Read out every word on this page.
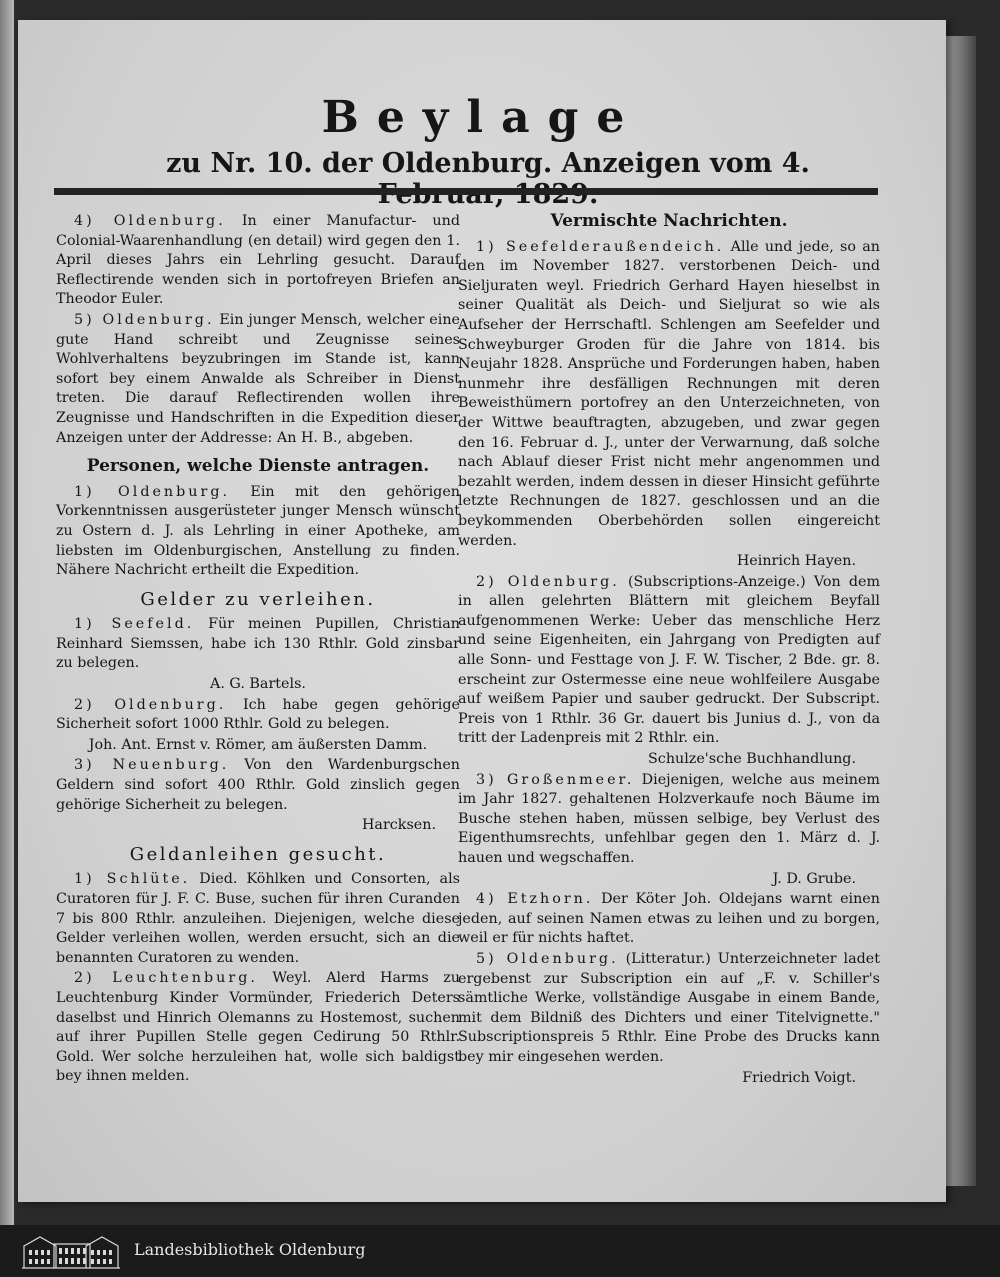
Beylage
zu Nr. 10. der Oldenburg. Anzeigen vom 4.

4) Oldenburg. In einer Manufactur- und Colonial-Waarenhandlung (en detail) wird gegen den 1. April dieses Jahrs ein Lehrling gesucht. Darauf Reflectirende wenden sich in portofreyen Briefen an Theodor Euler.

5) Oldenburg. Ein junger Mensch, welcher eine gute Hand schreibt und Zeugnisse seines Wohlverhaltens beyzubringen im Stande ist, kann sofort bey einem Anwalde als Schreiber in Dienst treten. Die darauf Reflectirenden wollen ihre Zeugnisse und Handschriften in die Expedition dieser Anzeigen unter der Addresse: An H. B., abgeben.

Personen, welche Dienste antragen.

1) Oldenburg. Ein mit den gehörigen Vorkenntnissen ausgerüsteter junger Mensch wünscht zu Ostern d. J. als Lehrling in einer Apotheke, am liebsten im Oldenburgischen, Anstellung zu finden. Nähere Nachricht ertheilt die Expedition.

Gelder zu verleihen.

1) Seefeld. Für meinen Pupillen, Christian Reinhard Siemssen, habe ich 130 Rthlr. Gold zinsbar zu belegen.

A. G. Bartels.

2) Oldenburg. Ich habe gegen gehörige Sicherheit sofort 1000 Rthlr. Gold zu belegen.

Joh. Ant. Ernst v. Römer, am äußersten Damm.

3) Neuenburg. Von den Wardenburgschen Geldern sind sofort 400 Rthlr. Gold zinslich gegen gehörige Sicherheit zu belegen.

Harcksen.

Geldanleihen gesucht.

1) Schlüte. Died. Köhlken und Consorten, als Curatoren für J. F. C. Buse, suchen für ihren Curanden 7 bis 800 Rthlr. anzuleihen. Diejenigen, welche diese Gelder verleihen wollen, werden ersucht, sich an die benannten Curatoren zu wenden.

2) Leuchtenburg. Weyl. Alerd Harms zu Leuchtenburg Kinder Vormünder, Friederich Deters daselbst und Hinrich Olemanns zu Hostemost, suchen auf ihrer Pupillen Stelle gegen Cedirung 50 Rthlr. Gold. Wer solche herzuleihen hat, wolle sich baldigst bey ihnen melden.

Vermischte Nachrichten.

1) Seefelderaußendeich. Alle und jede, so an den im November 1827. verstorbenen Deich- und Sieljuraten weyl. Friedrich Gerhard Hayen hieselbst in seiner Qualität als Deich- und Sieljurat so wie als Aufseher der Herrschaftl. Schlengen am Seefelder und Schweyburger Groden für die Jahre von 1814. bis Neujahr 1828. Ansprüche und Forderungen haben, haben nunmehr ihre desfälligen Rechnungen mit deren Beweisthümern portofrey an den Unterzeichneten, von der Wittwe beauftragten, abzugeben, und zwar gegen den 16. Februar d. J., unter der Verwarnung, daß solche nach Ablauf dieser Frist nicht mehr angenommen und bezahlt werden, indem dessen in dieser Hinsicht geführte letzte Rechnungen de 1827. geschlossen und an die beykommenden Oberbehörden sollen eingereicht werden.

Heinrich Hayen.

2) Oldenburg. (Subscriptions-Anzeige.) Von dem in allen gelehrten Blättern mit gleichem Beyfall aufgenommenen Werke: Ueber das menschliche Herz und seine Eigenheiten, ein Jahrgang von Predigten auf alle Sonn- und Festtage von J. F. W. Tischer, 2 Bde. gr. 8. erscheint zur Ostermesse eine neue wohlfeilere Ausgabe auf weißem Papier und sauber gedruckt. Der Subscript. Preis von 1 Rthlr. 36 Gr. dauert bis Junius d. J., von da tritt der Ladenpreis mit 2 Rthlr. ein.

Schulze'sche Buchhandlung.

3) Großenmeer. Diejenigen, welche aus meinem im Jahr 1827. gehaltenen Holzverkaufe noch Bäume im Busche stehen haben, müssen selbige, bey Verlust des Eigenthumsrechts, unfehlbar gegen den 1. März d. J. hauen und wegschaffen.

J. D. Grube.

4) Etzhorn. Der Köter Joh. Oldejans warnt einen jeden, auf seinen Namen etwas zu leihen und zu borgen, weil er für nichts haftet.

5) Oldenburg. (Litteratur.) Unterzeichneter ladet ergebenst zur Subscription ein auf „F. v. Schiller's sämtliche Werke, vollständige Ausgabe in einem Bande, mit dem Bildniß des Dichters und einer Titelvignette." Subscriptionspreis 5 Rthlr. Eine Probe des Drucks kann bey mir eingesehen werden.

Friedrich Voigt.

Landesbibliothek Oldenburg
